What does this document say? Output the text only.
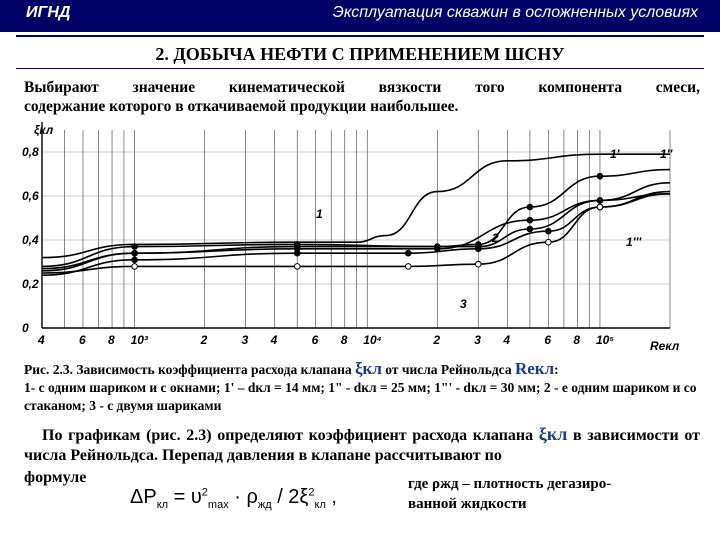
ИГНД	Эксплуатация скважин в осложненных условиях
2. ДОБЫЧА НЕФТИ С ПРИМЕНЕНИЕМ ШСНУ
Выбирают значение кинематической вязкости того компонента смеси,
содержание которого в откачиваемой продукции наибольшее.
0
0,2
0,4
0,6
0,8
4	6 8 10³	2	3 4	6 8 10⁴	2	3 4	6 8 10⁵
1'	1''
1
2	1'''
3
ξкл
Reкл
Рис. 2.3. Зависимость коэффициента расхода клапана ξкл от числа Рейнольдса Reкл:
1- с одним шариком и с окнами; 1' – dкл = 14 мм; 1" - dкл = 25 мм; 1"' - dкл = 30 мм; 2 - е одним шариком и со стаканом; 3 - с двумя шариками
По графикам (рис. 2.3) определяют коэффициент расхода клапана ξкл в зависимости от числа Рейнольдса. Перепад давления в клапане рассчитывают по
формуле
$\Delta P_{кл} = \upsilon^2_{max} \cdot \rho_{жд} / 2\xi^2_{кл}$ ,
где ρжд – плотность дегазиро-
ванной жидкости
